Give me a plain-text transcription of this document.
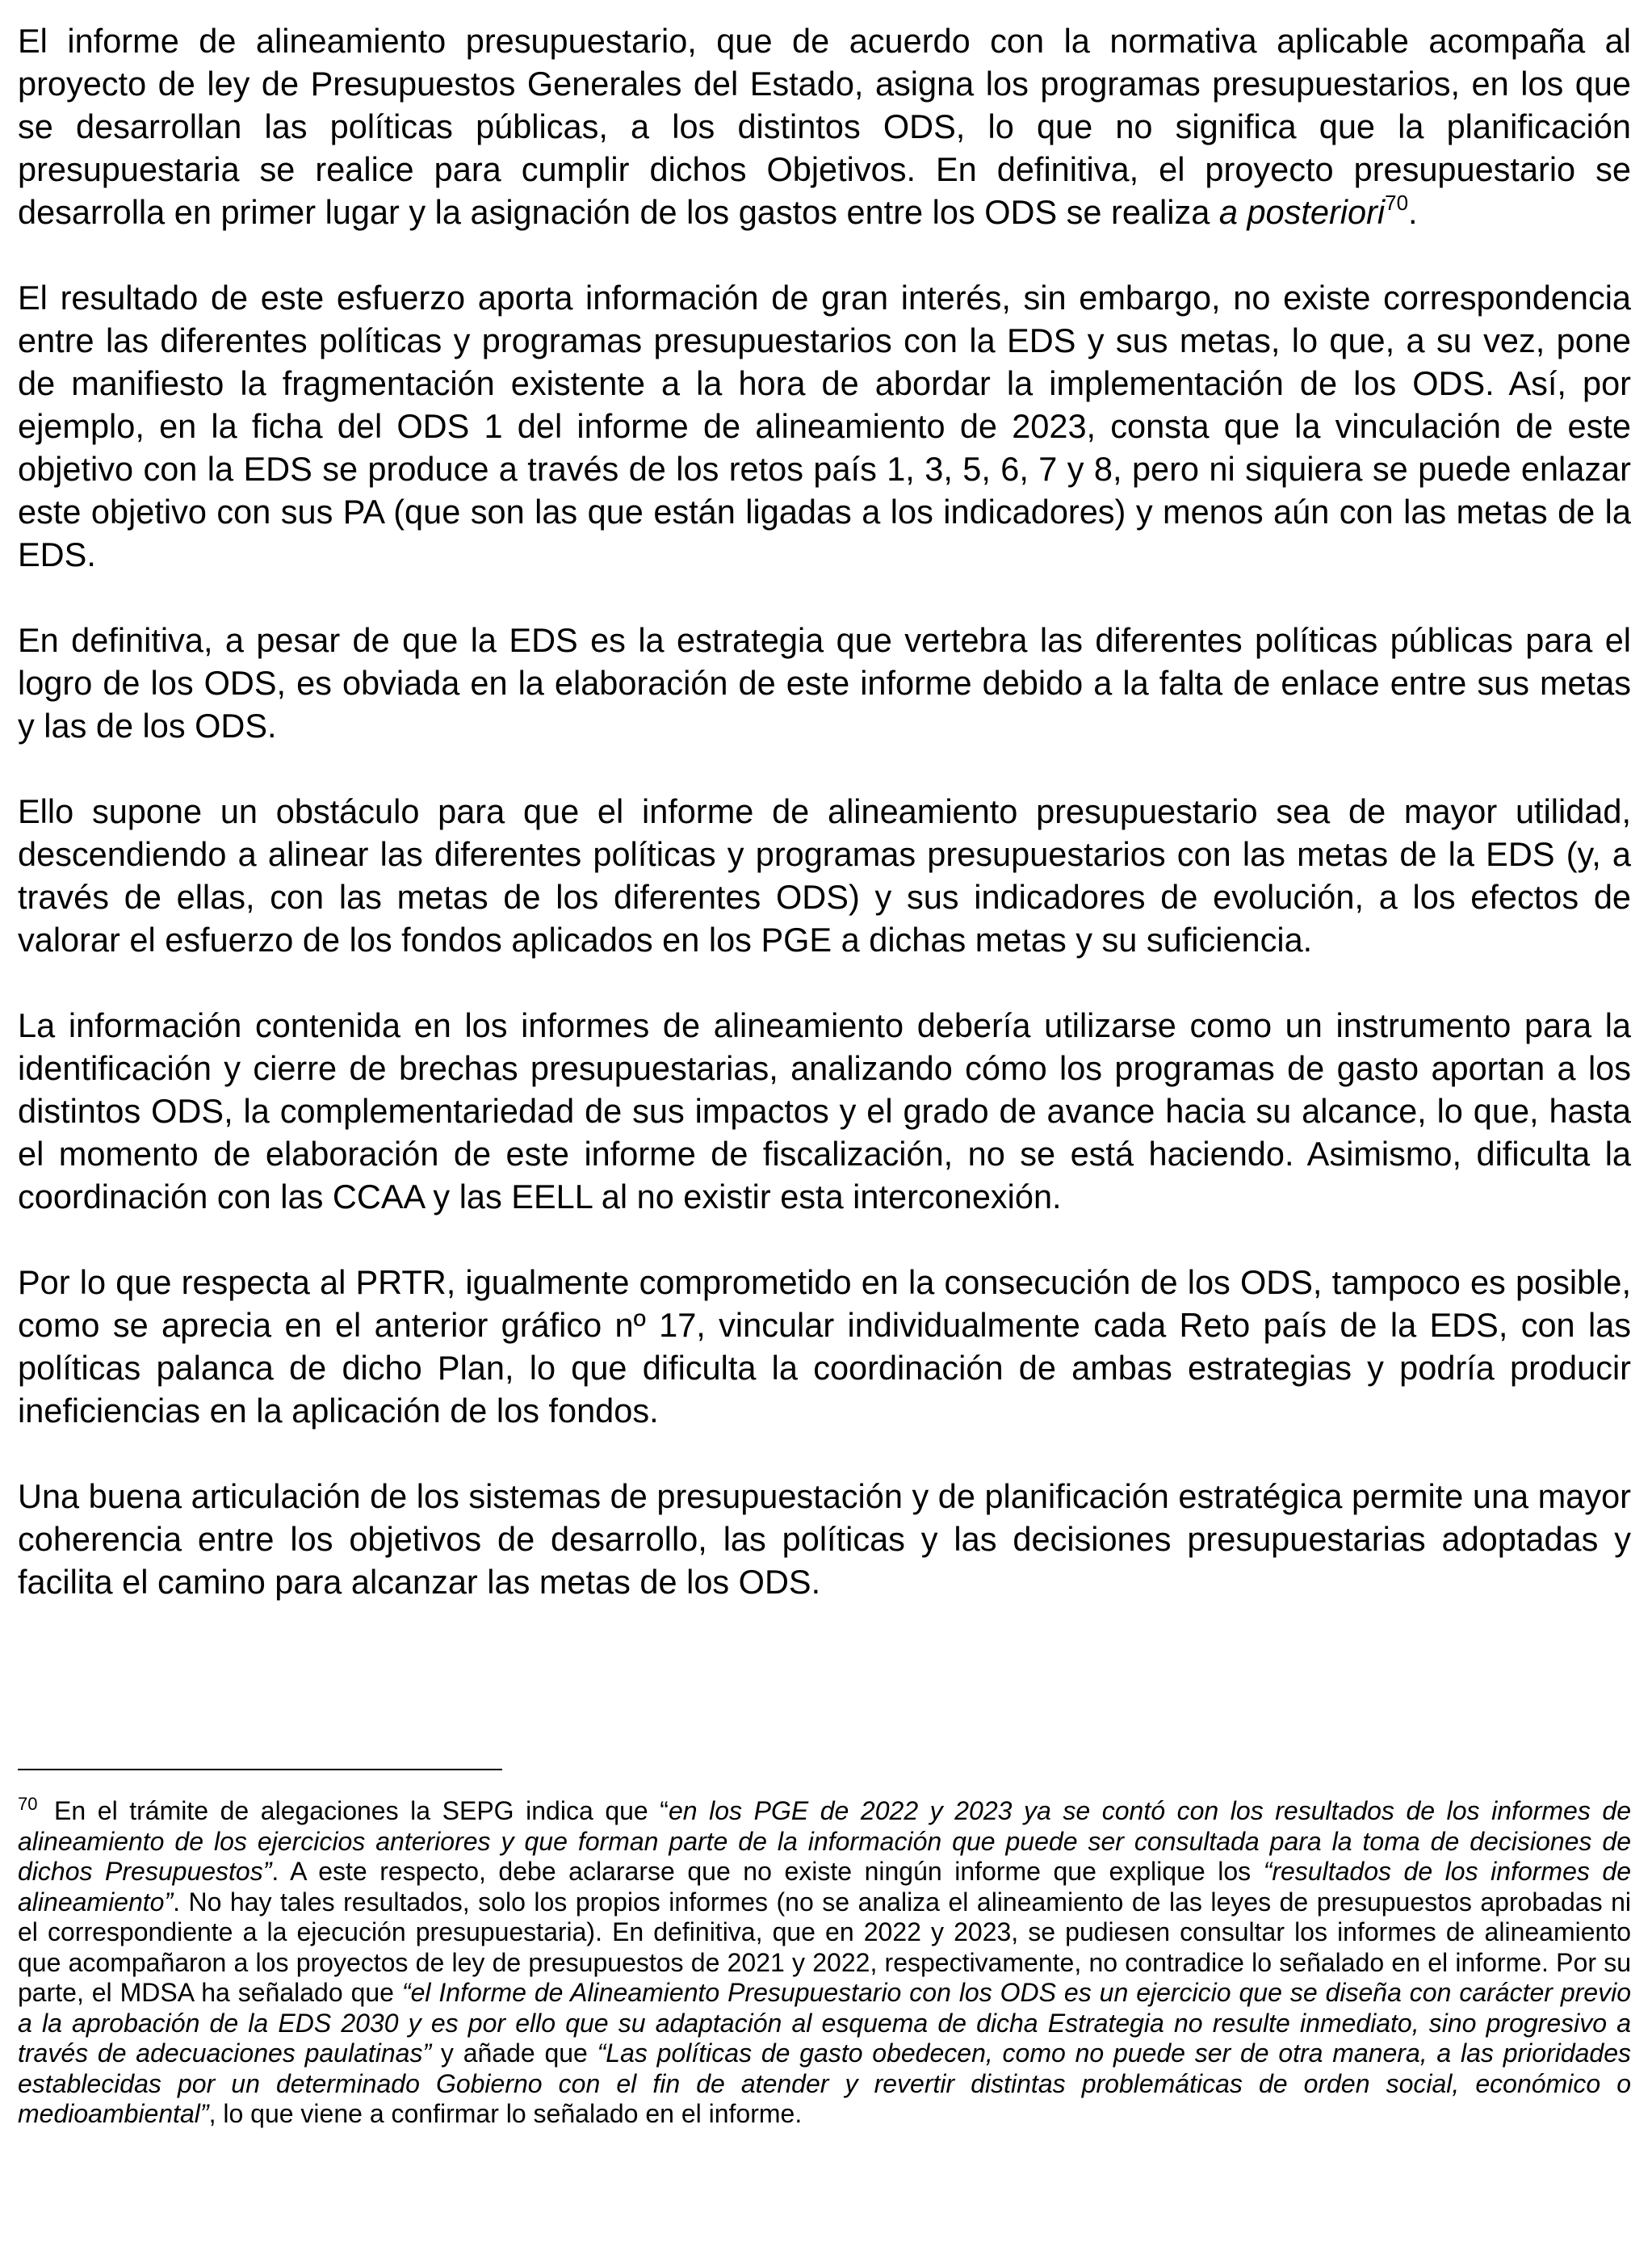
El informe de alineamiento presupuestario, que de acuerdo con la normativa aplicable acompaña al proyecto de ley de Presupuestos Generales del Estado, asigna los programas presupuestarios, en los que se desarrollan las políticas públicas, a los distintos ODS, lo que no significa que la planificación presupuestaria se realice para cumplir dichos Objetivos. En definitiva, el proyecto presupuestario se desarrolla en primer lugar y la asignación de los gastos entre los ODS se realiza a posteriori$^{70}$.

El resultado de este esfuerzo aporta información de gran interés, sin embargo, no existe correspondencia entre las diferentes políticas y programas presupuestarios con la EDS y sus metas, lo que, a su vez, pone de manifiesto la fragmentación existente a la hora de abordar la implementación de los ODS. Así, por ejemplo, en la ficha del ODS 1 del informe de alineamiento de 2023, consta que la vinculación de este objetivo con la EDS se produce a través de los retos país 1, 3, 5, 6, 7 y 8, pero ni siquiera se puede enlazar este objetivo con sus PA (que son las que están ligadas a los indicadores) y menos aún con las metas de la EDS.

En definitiva, a pesar de que la EDS es la estrategia que vertebra las diferentes políticas públicas para el logro de los ODS, es obviada en la elaboración de este informe debido a la falta de enlace entre sus metas y las de los ODS.

Ello supone un obstáculo para que el informe de alineamiento presupuestario sea de mayor utilidad, descendiendo a alinear las diferentes políticas y programas presupuestarios con las metas de la EDS (y, a través de ellas, con las metas de los diferentes ODS) y sus indicadores de evolución, a los efectos de valorar el esfuerzo de los fondos aplicados en los PGE a dichas metas y su suficiencia.

La información contenida en los informes de alineamiento debería utilizarse como un instrumento para la identificación y cierre de brechas presupuestarias, analizando cómo los programas de gasto aportan a los distintos ODS, la complementariedad de sus impactos y el grado de avance hacia su alcance, lo que, hasta el momento de elaboración de este informe de fiscalización, no se está haciendo. Asimismo, dificulta la coordinación con las CCAA y las EELL al no existir esta interconexión.

Por lo que respecta al PRTR, igualmente comprometido en la consecución de los ODS, tampoco es posible, como se aprecia en el anterior gráfico nº 17, vincular individualmente cada Reto país de la EDS, con las políticas palanca de dicho Plan, lo que dificulta la coordinación de ambas estrategias y podría producir ineficiencias en la aplicación de los fondos.

Una buena articulación de los sistemas de presupuestación y de planificación estratégica permite una mayor coherencia entre los objetivos de desarrollo, las políticas y las decisiones presupuestarias adoptadas y facilita el camino para alcanzar las metas de los ODS.

$^{70}$ En el trámite de alegaciones la SEPG indica que “en los PGE de 2022 y 2023 ya se contó con los resultados de los informes de alineamiento de los ejercicios anteriores y que forman parte de la información que puede ser consultada para la toma de decisiones de dichos Presupuestos”. A este respecto, debe aclararse que no existe ningún informe que explique los “resultados de los informes de alineamiento”. No hay tales resultados, solo los propios informes (no se analiza el alineamiento de las leyes de presupuestos aprobadas ni el correspondiente a la ejecución presupuestaria). En definitiva, que en 2022 y 2023, se pudiesen consultar los informes de alineamiento que acompañaron a los proyectos de ley de presupuestos de 2021 y 2022, respectivamente, no contradice lo señalado en el informe. Por su parte, el MDSA ha señalado que “el Informe de Alineamiento Presupuestario con los ODS es un ejercicio que se diseña con carácter previo a la aprobación de la EDS 2030 y es por ello que su adaptación al esquema de dicha Estrategia no resulte inmediato, sino progresivo a través de adecuaciones paulatinas” y añade que “Las políticas de gasto obedecen, como no puede ser de otra manera, a las prioridades establecidas por un determinado Gobierno con el fin de atender y revertir distintas problemáticas de orden social, económico o medioambiental”, lo que viene a confirmar lo señalado en el informe.
